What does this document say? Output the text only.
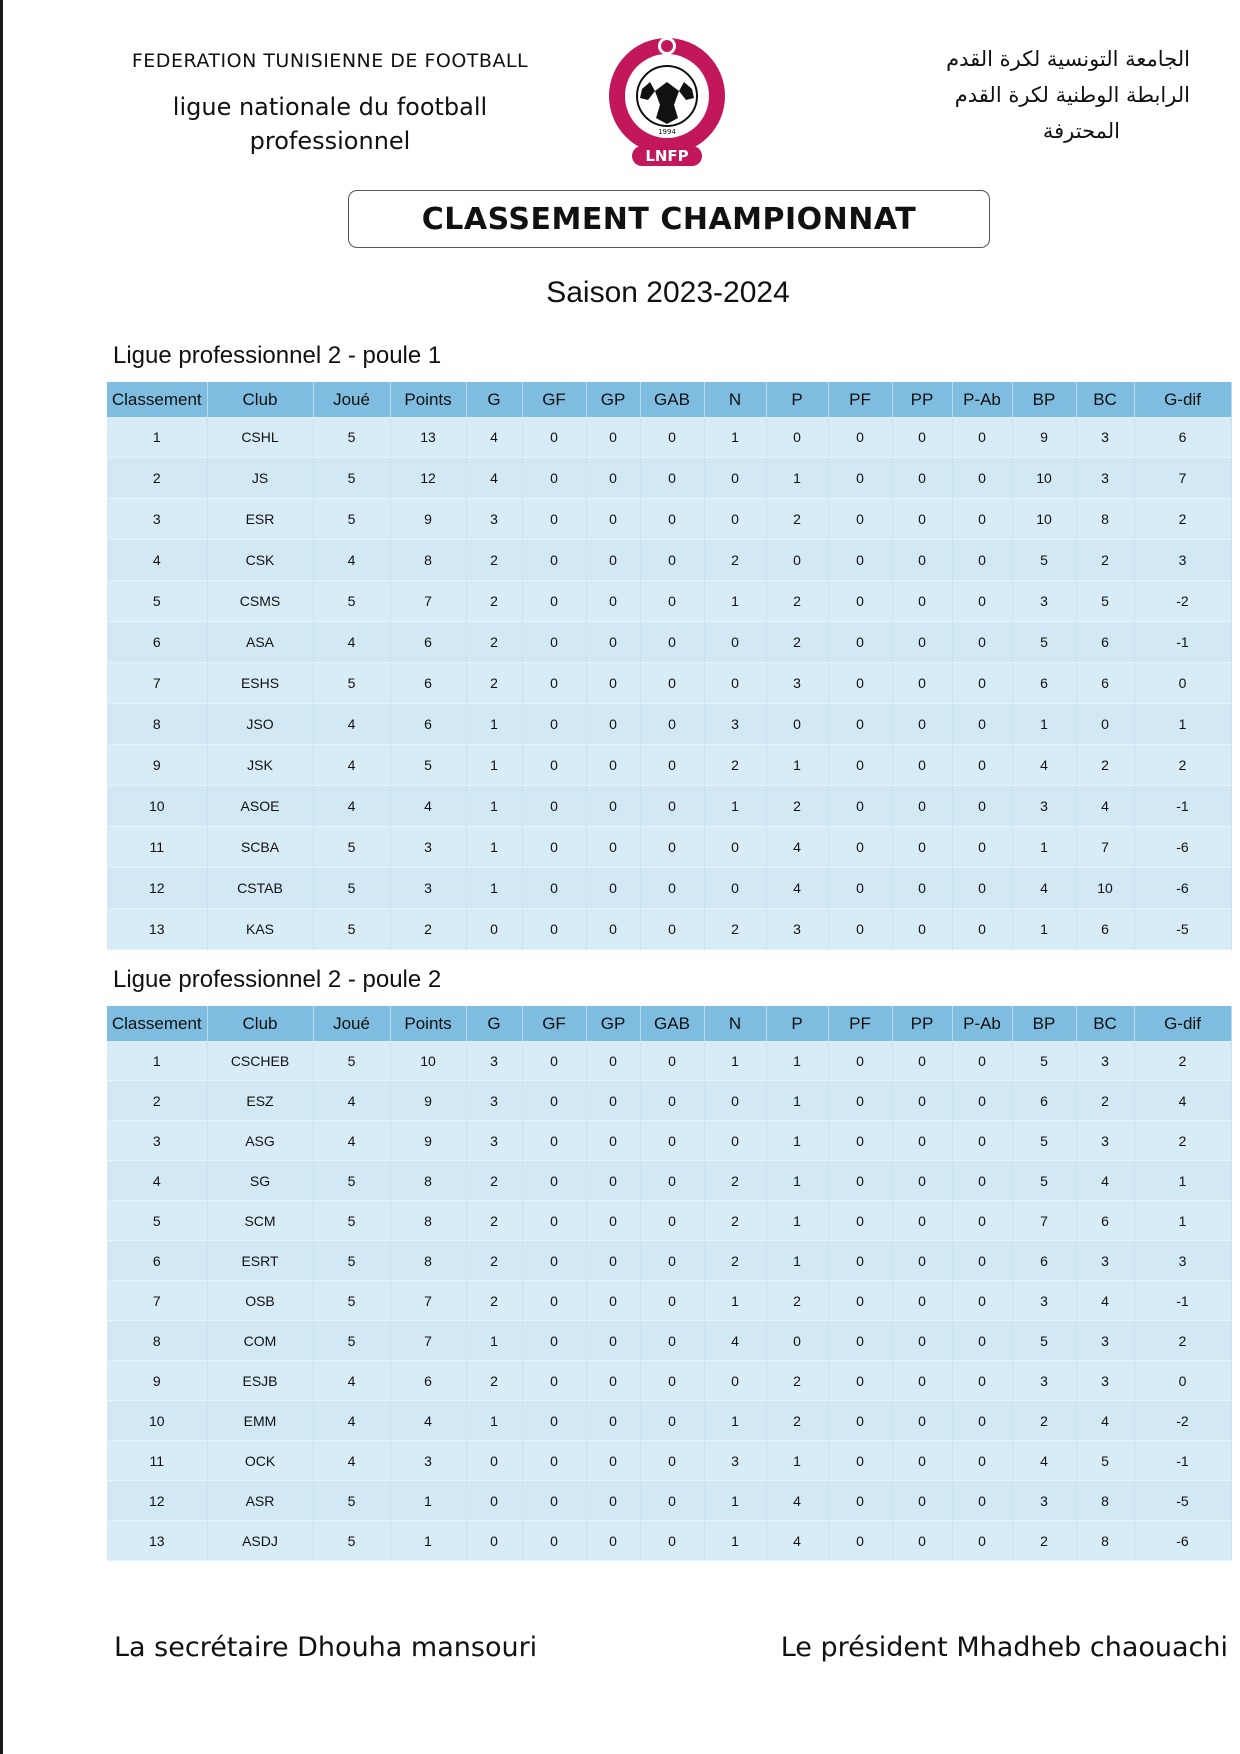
FEDERATION TUNISIENNE DE FOOTBALL

ligue nationale du football
professionnel	1994
LNFP

الجامعة التونسية لكرة القدم

الرابطة الوطنية لكرة القدم

المحترفة

CLASSEMENT CHAMPIONNAT
Saison 2023-2024
Ligue professionnel 2 - poule 1
Classement	Club	Joué	Points	G	GF	GP	GAB	N	P	PF	PP	P-Ab	BP	BC	G-dif
1	CSHL	5	13	4	0	0	0	1	0	0	0	0	9	3	6
2	JS	5	12	4	0	0	0	0	1	0	0	0	10	3	7
3	ESR	5	9	3	0	0	0	0	2	0	0	0	10	8	2
4	CSK	4	8	2	0	0	0	2	0	0	0	0	5	2	3
5	CSMS	5	7	2	0	0	0	1	2	0	0	0	3	5	-2
6	ASA	4	6	2	0	0	0	0	2	0	0	0	5	6	-1
7	ESHS	5	6	2	0	0	0	0	3	0	0	0	6	6	0
8	JSO	4	6	1	0	0	0	3	0	0	0	0	1	0	1
9	JSK	4	5	1	0	0	0	2	1	0	0	0	4	2	2
10	ASOE	4	4	1	0	0	0	1	2	0	0	0	3	4	-1
11	SCBA	5	3	1	0	0	0	0	4	0	0	0	1	7	-6
12	CSTAB	5	3	1	0	0	0	0	4	0	0	0	4	10	-6
13	KAS	5	2	0	0	0	0	2	3	0	0	0	1	6	-5
Ligue professionnel 2 - poule 2
Classement	Club	Joué	Points	G	GF	GP	GAB	N	P	PF	PP	P-Ab	BP	BC	G-dif
1	CSCHEB	5	10	3	0	0	0	1	1	0	0	0	5	3	2
2	ESZ	4	9	3	0	0	0	0	1	0	0	0	6	2	4
3	ASG	4	9	3	0	0	0	0	1	0	0	0	5	3	2
4	SG	5	8	2	0	0	0	2	1	0	0	0	5	4	1
5	SCM	5	8	2	0	0	0	2	1	0	0	0	7	6	1
6	ESRT	5	8	2	0	0	0	2	1	0	0	0	6	3	3
7	OSB	5	7	2	0	0	0	1	2	0	0	0	3	4	-1
8	COM	5	7	1	0	0	0	4	0	0	0	0	5	3	2
9	ESJB	4	6	2	0	0	0	0	2	0	0	0	3	3	0
10	EMM	4	4	1	0	0	0	1	2	0	0	0	2	4	-2
11	OCK	4	3	0	0	0	0	3	1	0	0	0	4	5	-1
12	ASR	5	1	0	0	0	0	1	4	0	0	0	3	8	-5
13	ASDJ	5	1	0	0	0	0	1	4	0	0	0	2	8	-6
La secrétaire Dhouha mansouri	Le président Mhadheb chaouachi
